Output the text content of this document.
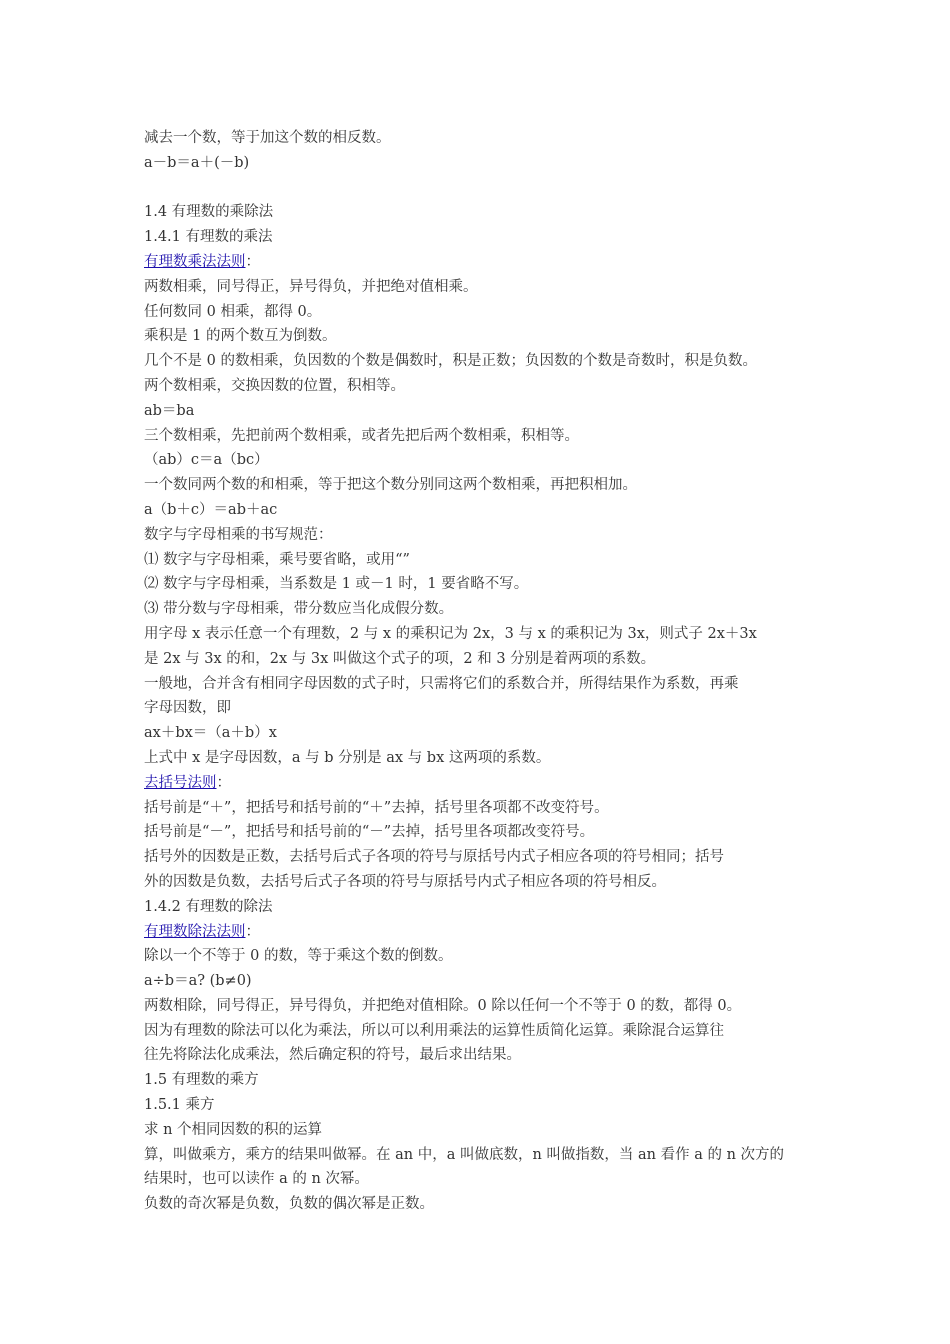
减去一个数，等于加这个数的相反数。
a－b＝a＋(－b)
1.4 有理数的乘除法
1.4.1 有理数的乘法
有理数乘法法则：
两数相乘，同号得正，异号得负，并把绝对值相乘。
任何数同 0 相乘，都得 0。
乘积是 1 的两个数互为倒数。
几个不是 0 的数相乘，负因数的个数是偶数时，积是正数；负因数的个数是奇数时，积是负数。
两个数相乘，交换因数的位置，积相等。
ab＝ba
三个数相乘，先把前两个数相乘，或者先把后两个数相乘，积相等。
（ab）c＝a（bc）
一个数同两个数的和相乘，等于把这个数分别同这两个数相乘，再把积相加。
a（b＋c）＝ab＋ac
数字与字母相乘的书写规范：
⑴ 数字与字母相乘，乘号要省略，或用“”
⑵ 数字与字母相乘，当系数是 1 或－1 时，1 要省略不写。
⑶ 带分数与字母相乘，带分数应当化成假分数。
用字母 x 表示任意一个有理数，2 与 x 的乘积记为 2x，3 与 x 的乘积记为 3x，则式子 2x＋3x
是 2x 与 3x 的和，2x 与 3x 叫做这个式子的项，2 和 3 分别是着两项的系数。
一般地，合并含有相同字母因数的式子时，只需将它们的系数合并，所得结果作为系数，再乘
字母因数，即
ax＋bx＝（a＋b）x
上式中 x 是字母因数，a 与 b 分别是 ax 与 bx 这两项的系数。
去括号法则：
括号前是“＋”，把括号和括号前的“＋”去掉，括号里各项都不改变符号。
括号前是“－”，把括号和括号前的“－”去掉，括号里各项都改变符号。
括号外的因数是正数，去括号后式子各项的符号与原括号内式子相应各项的符号相同；括号
外的因数是负数，去括号后式子各项的符号与原括号内式子相应各项的符号相反。
1.4.2 有理数的除法
有理数除法法则：
除以一个不等于 0 的数，等于乘这个数的倒数。
a÷b＝a? (b≠0)
两数相除，同号得正，异号得负，并把绝对值相除。0 除以任何一个不等于 0 的数，都得 0。
因为有理数的除法可以化为乘法，所以可以利用乘法的运算性质简化运算。乘除混合运算往
往先将除法化成乘法，然后确定积的符号，最后求出结果。
1.5 有理数的乘方
1.5.1 乘方
求 n 个相同因数的积的运算
算，叫做乘方，乘方的结果叫做幂。在 an 中，a 叫做底数，n 叫做指数，当 an 看作 a 的 n 次方的
结果时，也可以读作 a 的 n 次幂。
负数的奇次幂是负数，负数的偶次幂是正数。
